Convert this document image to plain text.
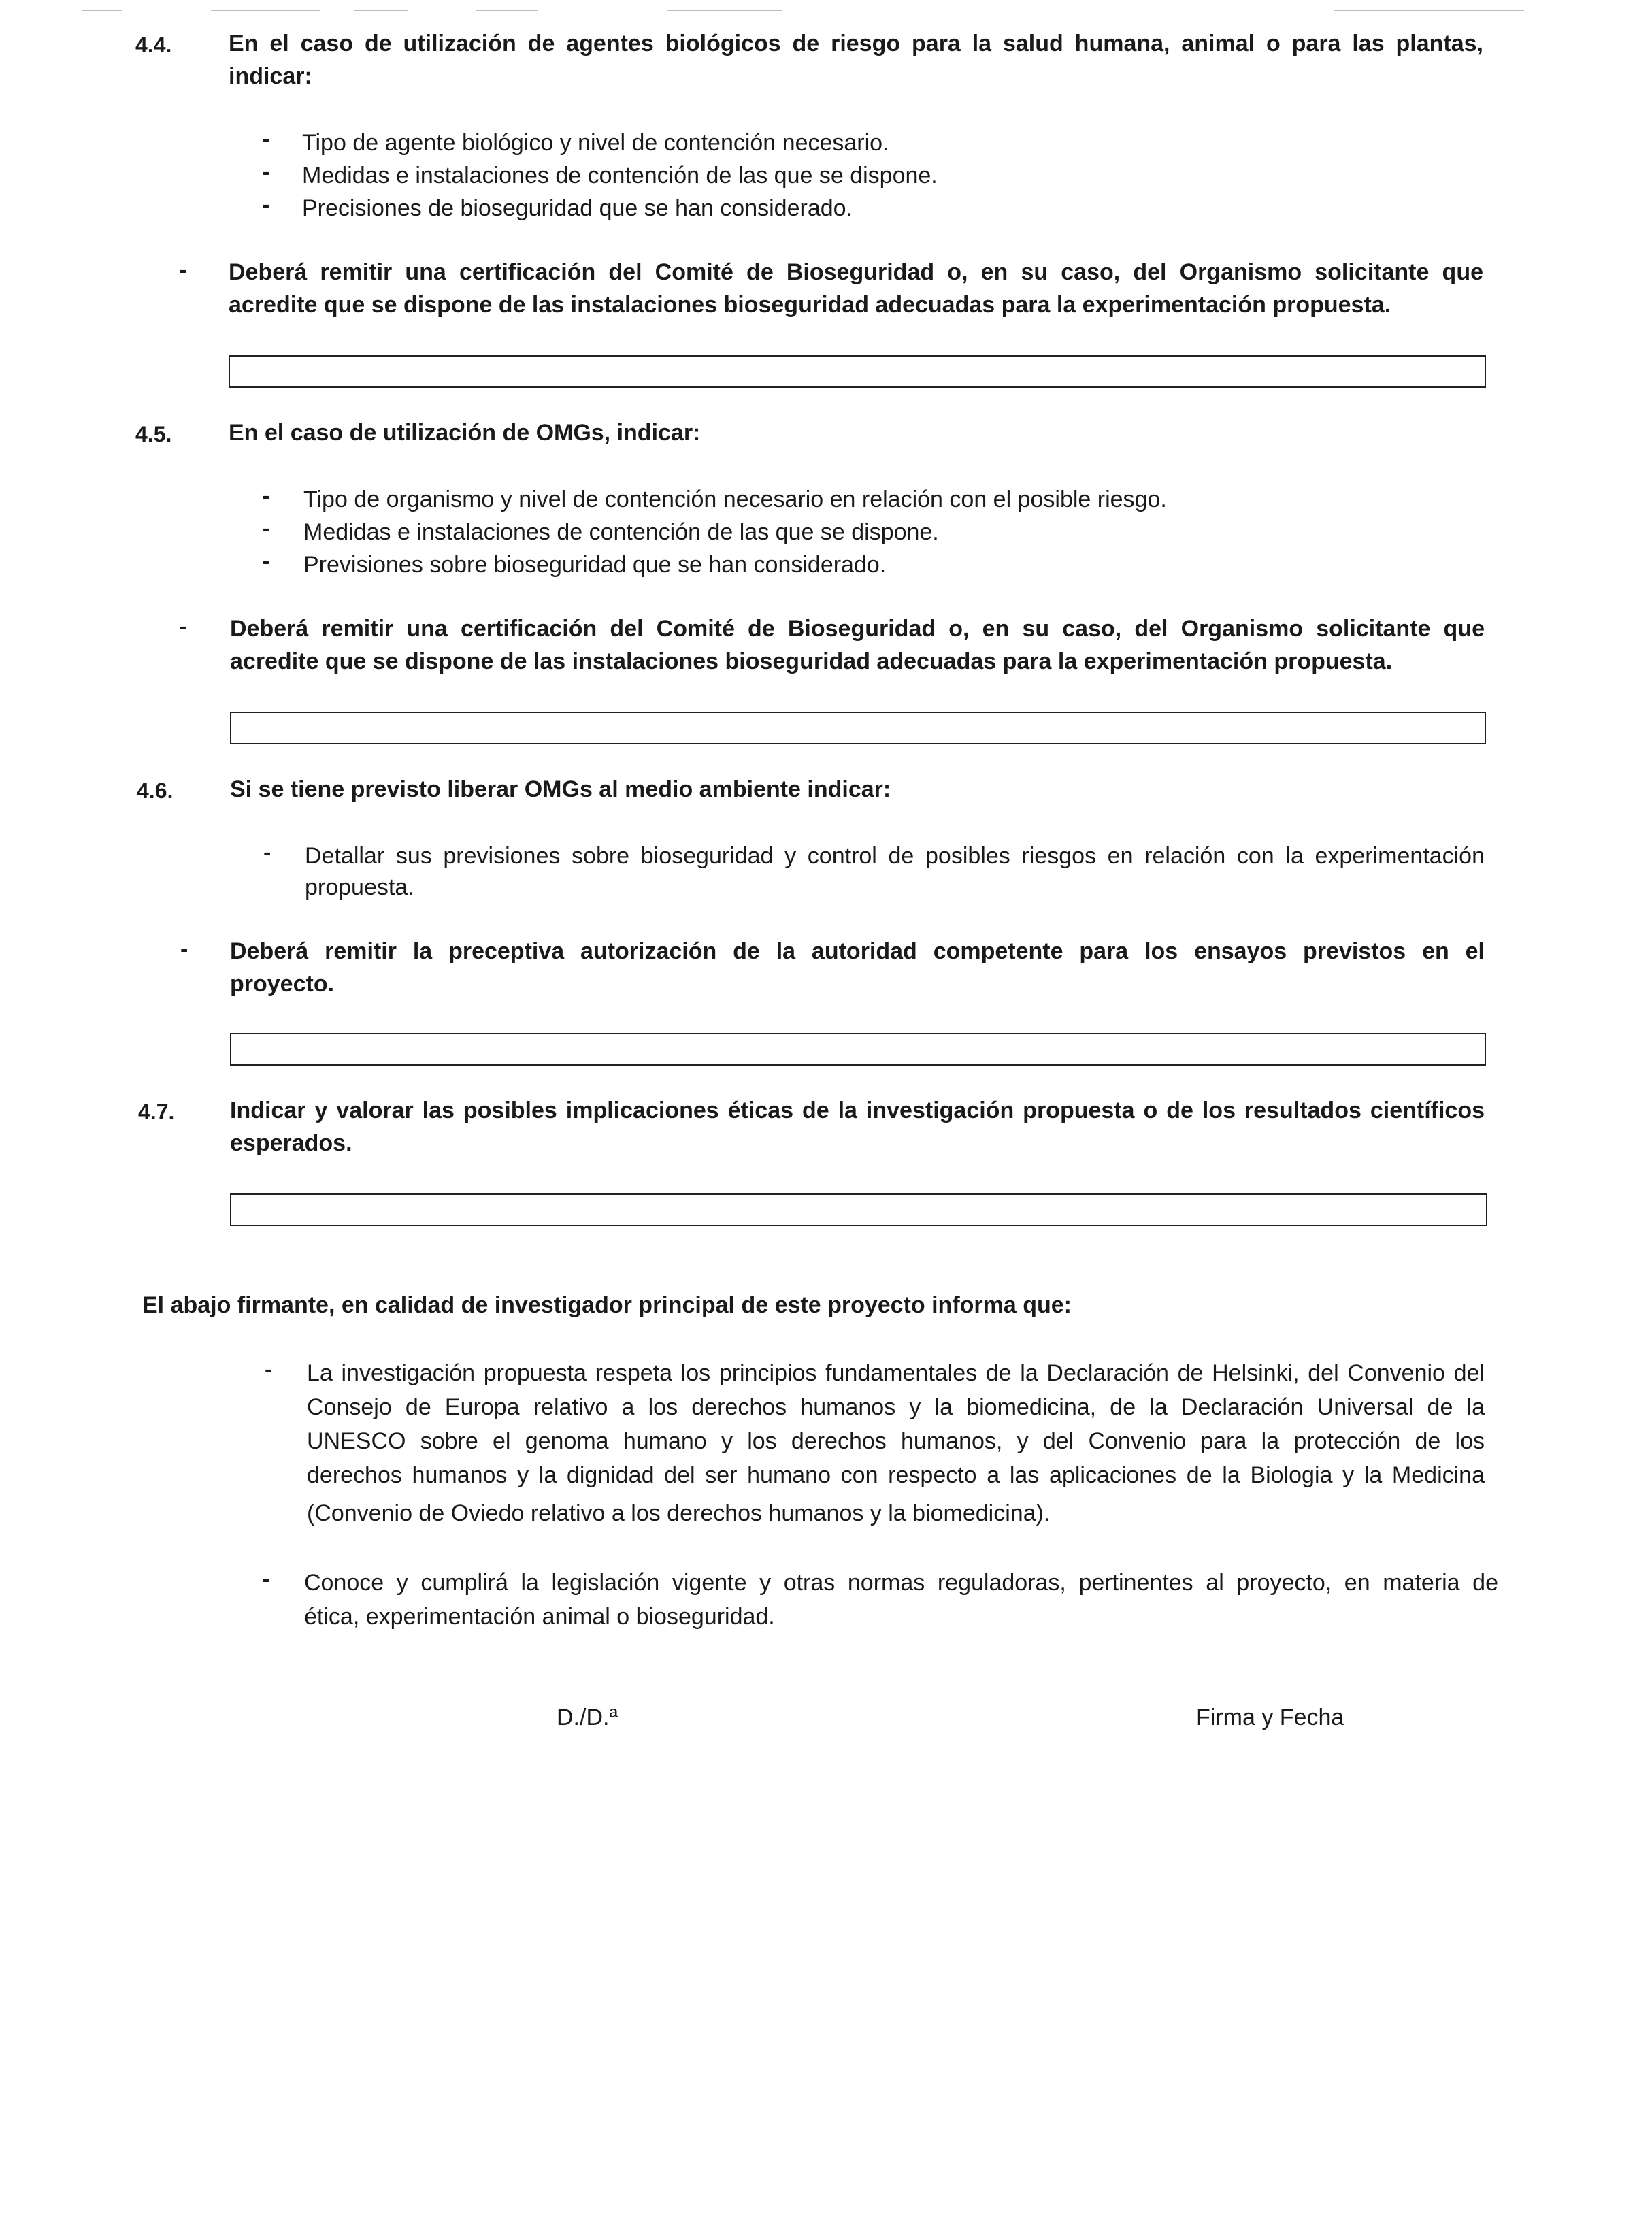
4.4. En el caso de utilización de agentes biológicos de riesgo para la salud humana, animal o para las plantas,
indicar:
- Tipo de agente biológico y nivel de contención necesario.
- Medidas e instalaciones de contención de las que se dispone.
- Precisiones de bioseguridad que se han considerado.
- Deberá remitir una certificación del Comité de Bioseguridad o, en su caso, del Organismo solicitante que
acredite que se dispone de las instalaciones bioseguridad adecuadas para la experimentación propuesta.
4.5. En el caso de utilización de OMGs, indicar:
- Tipo de organismo y nivel de contención necesario en relación con el posible riesgo.
- Medidas e instalaciones de contención de las que se dispone.
- Previsiones sobre bioseguridad que se han considerado.
- Deberá remitir una certificación del Comité de Bioseguridad o, en su caso, del Organismo solicitante que
acredite que se dispone de las instalaciones bioseguridad adecuadas para la experimentación propuesta.
4.6. Si se tiene previsto liberar OMGs al medio ambiente indicar:
- Detallar sus previsiones sobre bioseguridad y control de posibles riesgos en relación con la experimentación
propuesta.
- Deberá remitir la preceptiva autorización de la autoridad competente para los ensayos previstos en el
proyecto.
4.7. Indicar y valorar las posibles implicaciones éticas de la investigación propuesta o de los resultados científicos
esperados.
El abajo firmante, en calidad de investigador principal de este proyecto informa que:
- La investigación propuesta respeta los principios fundamentales de la Declaración de Helsinki, del Convenio del
Consejo de Europa relativo a los derechos humanos y la biomedicina, de la Declaración Universal de la
UNESCO sobre el genoma humano y los derechos humanos, y del Convenio para la protección de los
derechos humanos y la dignidad del ser humano con respecto a las aplicaciones de la Biologia y la Medicina
(Convenio de Oviedo relativo a los derechos humanos y la biomedicina).
- Conoce y cumplirá la legislación vigente y otras normas reguladoras, pertinentes al proyecto, en materia de
ética, experimentación animal o bioseguridad.
D./D.ª	Firma y Fecha
